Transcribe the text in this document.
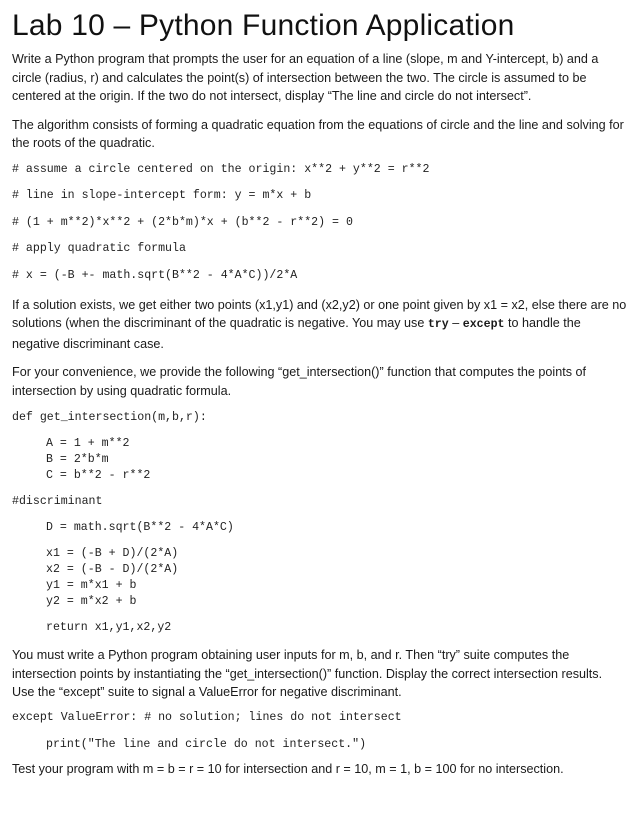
Lab 10 – Python Function Application

Write a Python program that prompts the user for an equation of a line (slope, m and Y-intercept, b) and a circle (radius, r) and calculates the point(s) of intersection between the two. The circle is assumed to be centered at the origin. If the two do not intersect, display “The line and circle do not intersect”.

The algorithm consists of forming a quadratic equation from the equations of circle and the line and solving for the roots of the quadratic.

# assume a circle centered on the origin: x**2 + y**2 = r**2
# line in slope-intercept form: y = m*x + b
# (1 + m**2)*x**2 + (2*b*m)*x + (b**2 - r**2) = 0
# apply quadratic formula
# x = (-B +- math.sqrt(B**2 - 4*A*C))/2*A

If a solution exists, we get either two points (x1,y1) and (x2,y2) or one point given by x1 = x2, else there are no solutions (when the discriminant of the quadratic is negative. You may use try – except to handle the negative discriminant case.

For your convenience, we provide the following “get_intersection()” function that computes the points of intersection by using quadratic formula.

def get_intersection(m,b,r):
A = 1 + m**2
B = 2*b*m
C = b**2 - r**2
#discriminant
D = math.sqrt(B**2 - 4*A*C)
x1 = (-B + D)/(2*A)
x2 = (-B - D)/(2*A)
y1 = m*x1 + b
y2 = m*x2 + b
return x1,y1,x2,y2

You must write a Python program obtaining user inputs for m, b, and r. Then “try” suite computes the intersection points by instantiating the “get_intersection()” function. Display the correct intersection results. Use the “except” suite to signal a ValueError for negative discriminant.

except ValueError: # no solution; lines do not intersect
print("The line and circle do not intersect.")

Test your program with m = b = r = 10 for intersection and r = 10, m = 1, b = 100 for no intersection.
